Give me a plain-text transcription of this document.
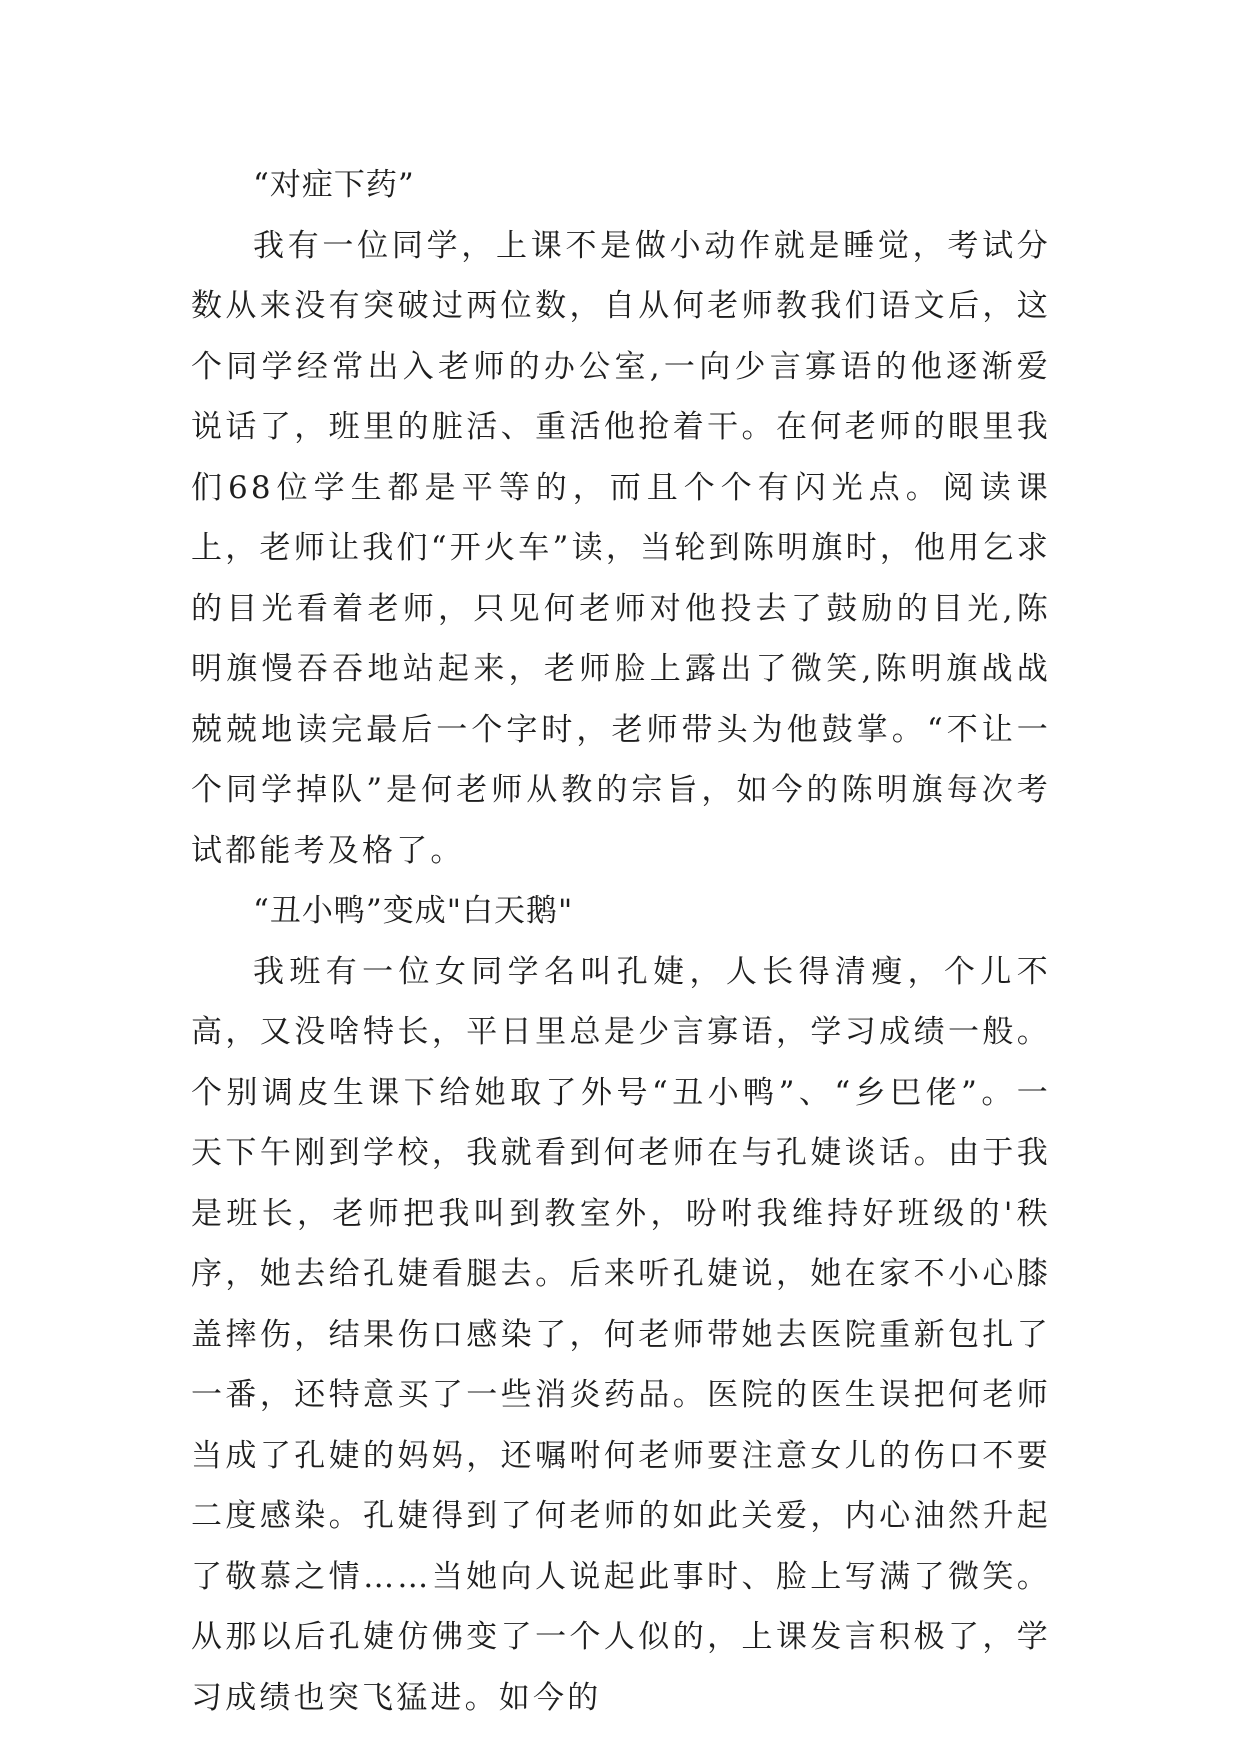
“对症下药”

我有一位同学，上课不是做小动作就是睡觉，考试分数从来没有突破过两位数，自从何老师教我们语文后，这个同学经常出入老师的办公室,一向少言寡语的他逐渐爱说话了，班里的脏活、重活他抢着干。在何老师的眼里我们68位学生都是平等的，而且个个有闪光点。阅读课上，老师让我们“开火车”读，当轮到陈明旗时，他用乞求的目光看着老师，只见何老师对他投去了鼓励的目光,陈明旗慢吞吞地站起来，老师脸上露出了微笑,陈明旗战战兢兢地读完最后一个字时，老师带头为他鼓掌。“不让一个同学掉队”是何老师从教的宗旨，如今的陈明旗每次考试都能考及格了。

“丑小鸭”变成"白天鹅"

我班有一位女同学名叫孔婕，人长得清瘦，个儿不高，又没啥特长，平日里总是少言寡语，学习成绩一般。个别调皮生课下给她取了外号“丑小鸭”、“乡巴佬”。一天下午刚到学校，我就看到何老师在与孔婕谈话。由于我是班长，老师把我叫到教室外，吩咐我维持好班级的'秩序，她去给孔婕看腿去。后来听孔婕说，她在家不小心膝盖摔伤，结果伤口感染了，何老师带她去医院重新包扎了一番，还特意买了一些消炎药品。医院的医生误把何老师当成了孔婕的妈妈，还嘱咐何老师要注意女儿的伤口不要二度感染。孔婕得到了何老师的如此关爱，内心油然升起了敬慕之情……当她向人说起此事时、脸上写满了微笑。从那以后孔婕仿佛变了一个人似的，上课发言积极了，学习成绩也突飞猛进。如今的
